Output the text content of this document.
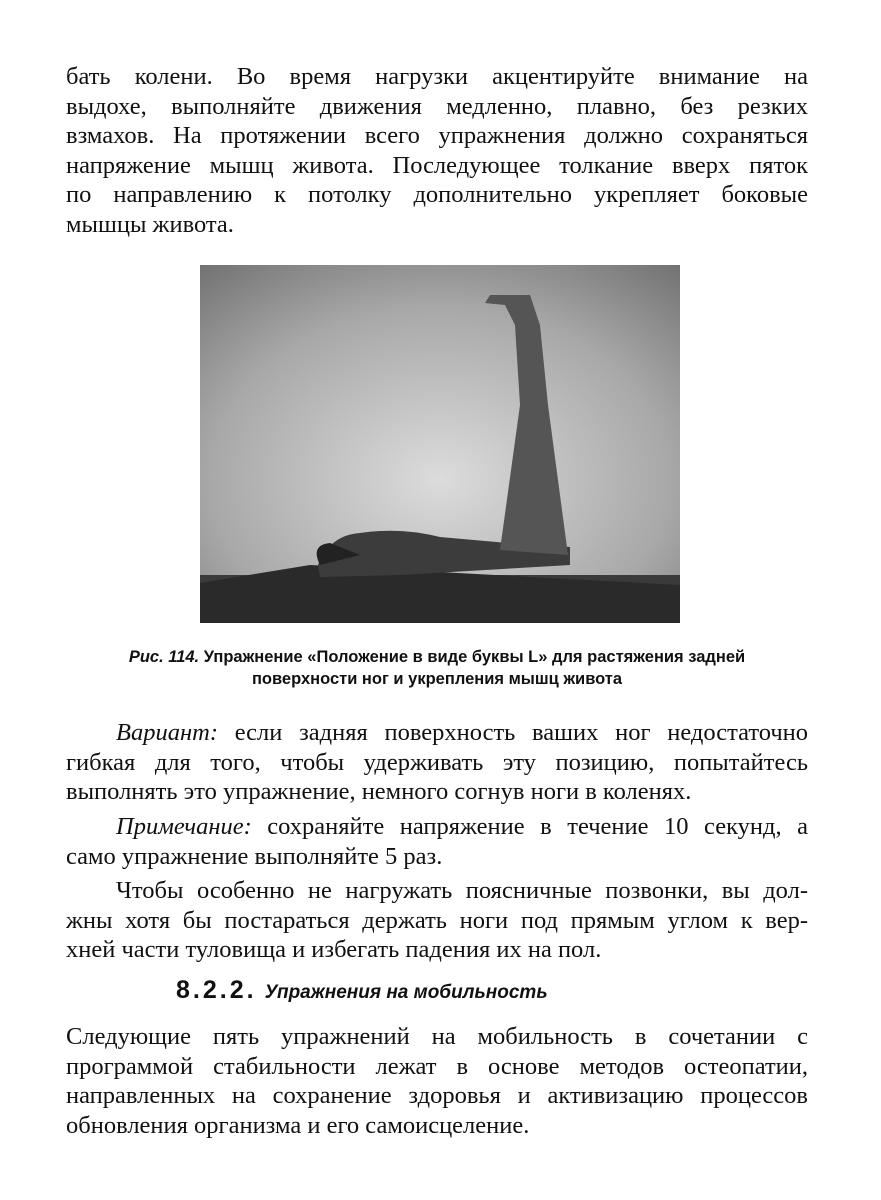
бать колени. Во время нагрузки акцентируйте внимание на
выдохе, выполняйте движения медленно, плавно, без резких
взмахов. На протяжении всего упражнения должно сохраняться
напряжение мышц живота. Последующее толкание вверх пяток
по направлению к потолку дополнительно укрепляет боковые
мышцы живота.
Рис. 114. Упражнение «Положение в виде буквы L» для растяжения задней
поверхности ног и укрепления мышц живота
Вариант: если задняя поверхность ваших ног недостаточно
гибкая для того, чтобы удерживать эту позицию, попытайтесь
выполнять это упражнение, немного согнув ноги в коленях.
Примечание: сохраняйте напряжение в течение 10 секунд, а
само упражнение выполняйте 5 раз.
Чтобы особенно не нагружать поясничные позвонки, вы дол-
жны хотя бы постараться держать ноги под прямым углом к вер-
хней части туловища и избегать падения их на пол.
8.2.2. Упражнения на мобильность
Следующие пять упражнений на мобильность в сочетании с
программой стабильности лежат в основе методов остеопатии,
направленных на сохранение здоровья и активизацию процессов
обновления организма и его самоисцеление.
